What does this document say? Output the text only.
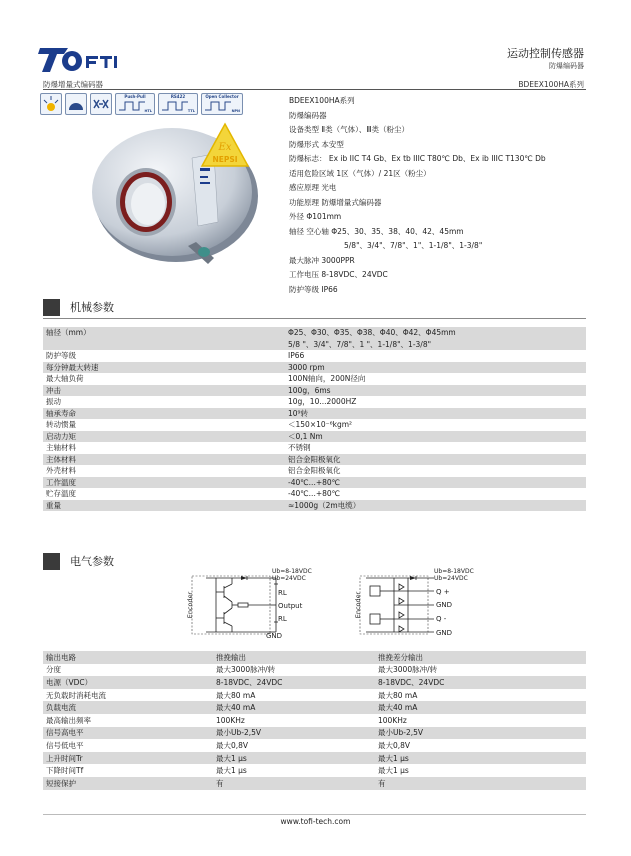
运动控制传感器
防爆编码器
防爆增量式编码器	BDEEX100HA系列
Push-Pull
HTL
RS422
TTL
Open Collector
NPN
Ex
NEPSI
BDEEX100HA系列
防爆编码器
设备类型 Ⅱ类（气体）、Ⅲ类（粉尘）
防爆形式 本安型
防爆标志： Ex ib IIC T4 Gb、Ex tb IIIC T80℃ Db、Ex ib IIIC T130℃ Db
适用危险区域 1区（气体）/ 21区（粉尘）
感应原理 光电
功能原理 防爆增量式编码器
外径 Φ101mm
轴径 空心轴 Φ25、30、35、38、40、42、45mm
5/8"、3/4"、7/8"、1"、1-1/8"、1-3/8"
最大脉冲 3000PPR
工作电压 8-18VDC、24VDC
防护等级 IP66
机械参数
轴径（mm）	Φ25、Φ30、Φ35、Φ38、Φ40、Φ42、Φ45mm
	5/8 "、3/4"、7/8"、1 "、1-1/8"、1-3/8"
防护等级	IP66
每分钟最大转速	3000 rpm
最大轴负荷	100N轴向，200N径向
冲击	100g，6ms
振动	10g，10...2000HZ
轴承寿命	10⁹转
转动惯量	＜150×10⁻⁶kgm²
启动力矩	＜0,1 Nm
主轴材料	不锈钢
主体材料	铝合金阳极氧化
外壳材料	铝合金阳极氧化
工作温度	-40℃...+80℃
贮存温度	-40℃...+80℃
重量	≈1000g（2m电缆）
电气参数
Encoder
Ub=8-18VDC
Ub=24VDC
RL
Output
RL
GND
Encoder
Ub=8-18VDC
Ub=24VDC
Q +
GND
Q -
GND
输出电路	推挽输出	推挽差分输出
分度	最大3000脉冲/转	最大3000脉冲/转
电源（VDC）	8-18VDC、24VDC	8-18VDC、24VDC
无负载时消耗电流	最大80 mA	最大80 mA
负载电流	最大40 mA	最大40 mA
最高输出频率	100KHz	100KHz
信号高电平	最小Ub-2,5V	最小Ub-2,5V
信号低电平	最大0,8V	最大0,8V
上升时间Tr	最大1 μs	最大1 μs
下降时间Tf	最大1 μs	最大1 μs
短接保护	有	有
www.tofi-tech.com
